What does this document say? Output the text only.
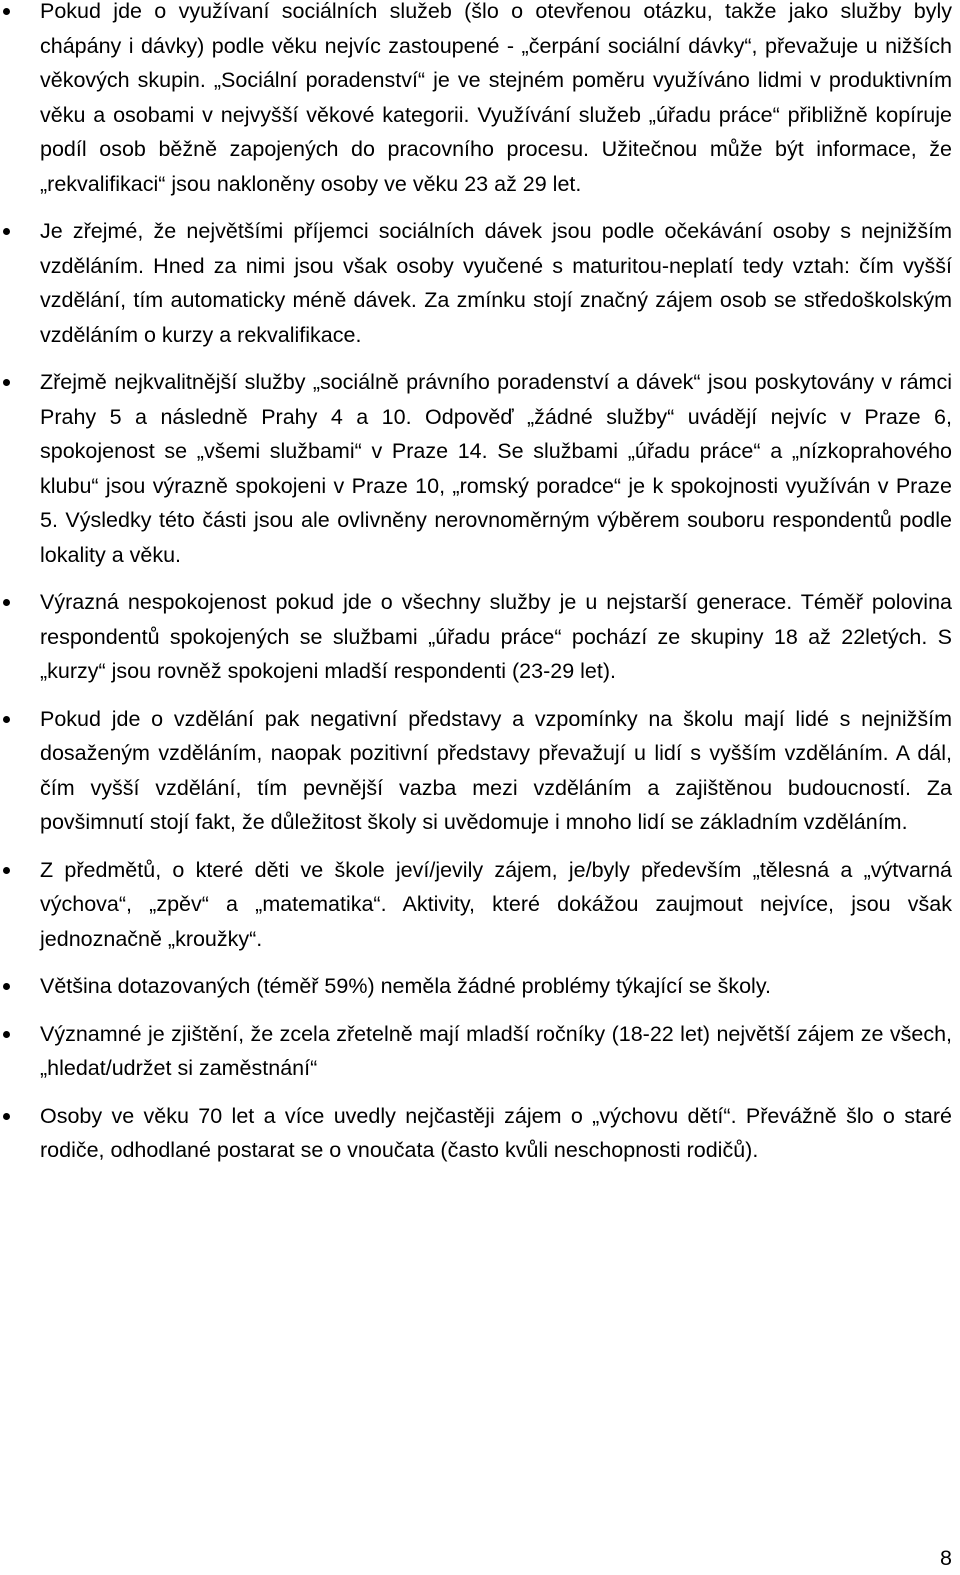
Pokud jde o využívaní sociálních služeb (šlo o otevřenou otázku, takže jako služby byly chápány i dávky) podle věku nejvíc zastoupené - „čerpání sociální dávky“, převažuje u nižších věkových skupin. „Sociální poradenství“ je ve stejném poměru využíváno lidmi v produktivním věku a osobami v nejvyšší věkové kategorii. Využívání služeb „úřadu práce“ přibližně kopíruje podíl osob běžně zapojených do pracovního procesu. Užitečnou může být informace, že „rekvalifikaci“ jsou nakloněny osoby ve věku 23 až 29 let.
Je zřejmé, že největšími příjemci sociálních dávek jsou podle očekávání osoby s nejnižším vzděláním. Hned za nimi jsou však osoby vyučené s maturitou-neplatí tedy vztah: čím vyšší vzdělání, tím automaticky méně dávek. Za zmínku stojí značný zájem osob se středoškolským vzděláním o kurzy a rekvalifikace.
Zřejmě nejkvalitnější služby „sociálně právního poradenství a dávek“ jsou poskytovány v rámci Prahy 5 a následně Prahy 4 a 10. Odpověď „žádné služby“ uvádějí nejvíc v Praze 6, spokojenost se „všemi službami“ v Praze 14. Se službami „úřadu práce“ a „nízkoprahového klubu“ jsou výrazně spokojeni v Praze 10, „romský poradce“ je k spokojnosti využíván v Praze 5. Výsledky této části jsou ale ovlivněny nerovnoměrným výběrem souboru respondentů podle lokality a věku.
Výrazná nespokojenost pokud jde o všechny služby je u nejstarší generace. Téměř polovina respondentů spokojených se službami „úřadu práce“ pochází ze skupiny 18 až 22letých. S „kurzy“ jsou rovněž spokojeni mladší respondenti (23-29 let).
Pokud jde o vzdělání pak negativní představy a vzpomínky na školu mají lidé s nejnižším dosaženým vzděláním, naopak pozitivní představy převažují u lidí s vyšším vzděláním. A dál, čím vyšší vzdělání, tím pevnější vazba mezi vzděláním a zajištěnou budoucností. Za povšimnutí stojí fakt, že důležitost školy si uvědomuje i mnoho lidí se základním vzděláním.
Z předmětů, o které děti ve škole jeví/jevily zájem, je/byly především „tělesná a „výtvarná výchova“, „zpěv“ a „matematika“. Aktivity, které dokážou zaujmout nejvíce, jsou však jednoznačně „kroužky“.
Většina dotazovaných (téměř 59%) neměla žádné problémy týkající se školy.
Významné je zjištění, že zcela zřetelně mají mladší ročníky (18-22 let) největší zájem ze všech, „hledat/udržet si zaměstnání“
Osoby ve věku 70 let a více uvedly nejčastěji zájem o „výchovu dětí“. Převážně šlo o staré rodiče, odhodlané postarat se o vnoučata (často kvůli neschopnosti rodičů).
8
